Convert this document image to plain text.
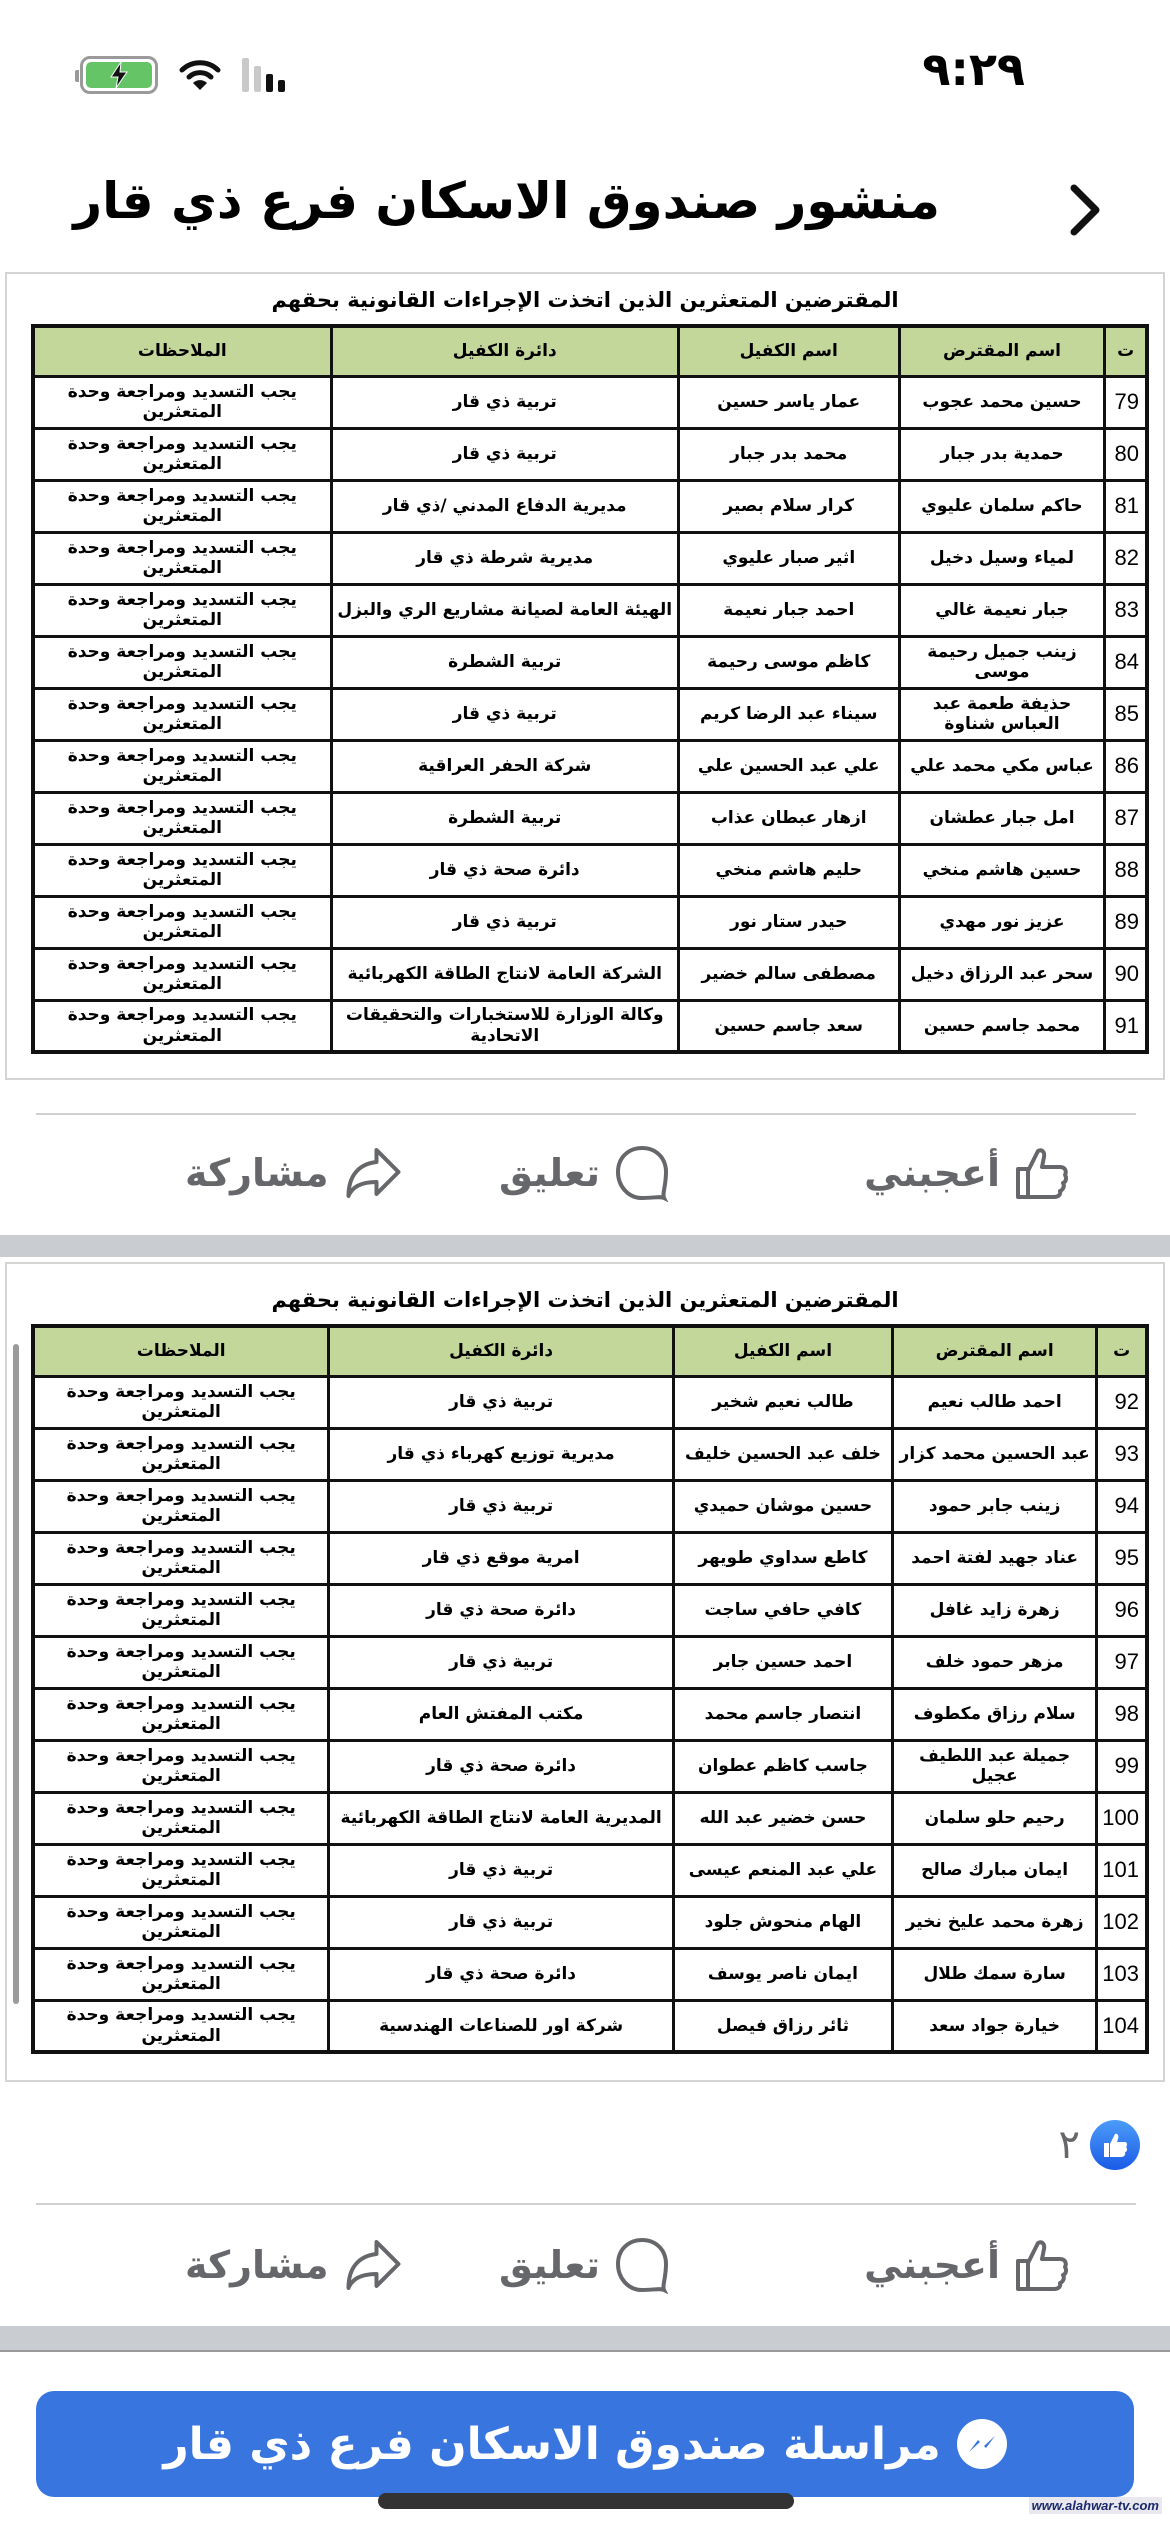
٩:٢٩
منشور صندوق الاسكان فرع ذي قار
المقترضين المتعثرين الذين اتخذت الإجراءات القانونية بحقهم
ت	اسم المقترض	اسم الكفيل	دائرة الكفيل	الملاحظات
79	حسين محمد عجوب	عمار ياسر حسين	تربية ذي قار	يجب التسديد ومراجعة وحدة المتعثرين
80	حمدية بدر جبار	محمد بدر جبار	تربية ذي قار	يجب التسديد ومراجعة وحدة المتعثرين
81	حاكم سلمان عليوي	كرار سلام بصير	مديرية الدفاع المدني /ذي قار	يجب التسديد ومراجعة وحدة المتعثرين
82	لمياء وسيل دخيل	اثير صبار عليوي	مديرية شرطة ذي قار	يجب التسديد ومراجعة وحدة المتعثرين
83	جبار نعيمة غالي	احمد جبار نعيمة	الهيئة العامة لصيانة مشاريع الري والبزل	يجب التسديد ومراجعة وحدة المتعثرين
84	زينب جميل رحيمة موسى	كاظم موسى رحيمة	تربية الشطرة	يجب التسديد ومراجعة وحدة المتعثرين
85	حذيفة طعمة عبد العباس شناوة	سيناء عبد الرضا كريم	تربية ذي قار	يجب التسديد ومراجعة وحدة المتعثرين
86	عباس مكي محمد علي	علي عبد الحسين علي	شركة الحفر العراقية	يجب التسديد ومراجعة وحدة المتعثرين
87	امل جبار عطشان	ازهار عبطان عذاب	تربية الشطرة	يجب التسديد ومراجعة وحدة المتعثرين
88	حسين هاشم منخي	حليم هاشم منخي	دائرة صحة ذي قار	يجب التسديد ومراجعة وحدة المتعثرين
89	عزيز نور مهدي	حيدر ستار نور	تربية ذي قار	يجب التسديد ومراجعة وحدة المتعثرين
90	سحر عبد الرزاق دخيل	مصطفى سالم خضير	الشركة العامة لانتاج الطاقة الكهربائية	يجب التسديد ومراجعة وحدة المتعثرين
91	محمد جاسم حسين	سعد جاسم حسين	وكالة الوزارة للاستخبارات والتحقيقات الاتحادية	يجب التسديد ومراجعة وحدة المتعثرين
أعجبني
تعليق
مشاركة
المقترضين المتعثرين الذين اتخذت الإجراءات القانونية بحقهم
ت	اسم المقترض	اسم الكفيل	دائرة الكفيل	الملاحظات
92	احمد طالب نعيم	طالب نعيم شخير	تربية ذي قار	يجب التسديد ومراجعة وحدة المتعثرين
93	عبد الحسين محمد كزار	خلف عبد الحسين خليف	مديرية توزيع كهرباء ذي قار	يجب التسديد ومراجعة وحدة المتعثرين
94	زينب جابر حمود	حسين موشان حميدي	تربية ذي قار	يجب التسديد ومراجعة وحدة المتعثرين
95	عناد جهيد لفتة احمد	كاطع سداوي طويهر	امرية موقع ذي قار	يجب التسديد ومراجعة وحدة المتعثرين
96	زهرة زايد غافل	كافي حافي ساجت	دائرة صحة ذي قار	يجب التسديد ومراجعة وحدة المتعثرين
97	مزهر حمود خلف	احمد حسين جابر	تربية ذي قار	يجب التسديد ومراجعة وحدة المتعثرين
98	سلام رزاق مكطوف	انتصار جاسم محمد	مكتب المفتش العام	يجب التسديد ومراجعة وحدة المتعثرين
99	جميلة عبد اللطيف عجيل	جاسب كاظم عطوان	دائرة صحة ذي قار	يجب التسديد ومراجعة وحدة المتعثرين
100	رحيم حلو سلمان	حسن خضير عبد الله	المديرية العامة لانتاج الطاقة الكهربائية	يجب التسديد ومراجعة وحدة المتعثرين
101	ايمان مبارك صالح	علي عبد المنعم عيسى	تربية ذي قار	يجب التسديد ومراجعة وحدة المتعثرين
102	زهرة محمد عليخ نخير	الهام منحوش جلود	تربية ذي قار	يجب التسديد ومراجعة وحدة المتعثرين
103	سارة سمك طلال	ايمان ناصر يوسف	دائرة صحة ذي قار	يجب التسديد ومراجعة وحدة المتعثرين
104	خيارة جواد سعد	ثائر رزاق فيصل	شركة اور للصناعات الهندسية	يجب التسديد ومراجعة وحدة المتعثرين
٢
أعجبني
تعليق
مشاركة
مراسلة صندوق الاسكان فرع ذي قار
www.alahwar-tv.com
